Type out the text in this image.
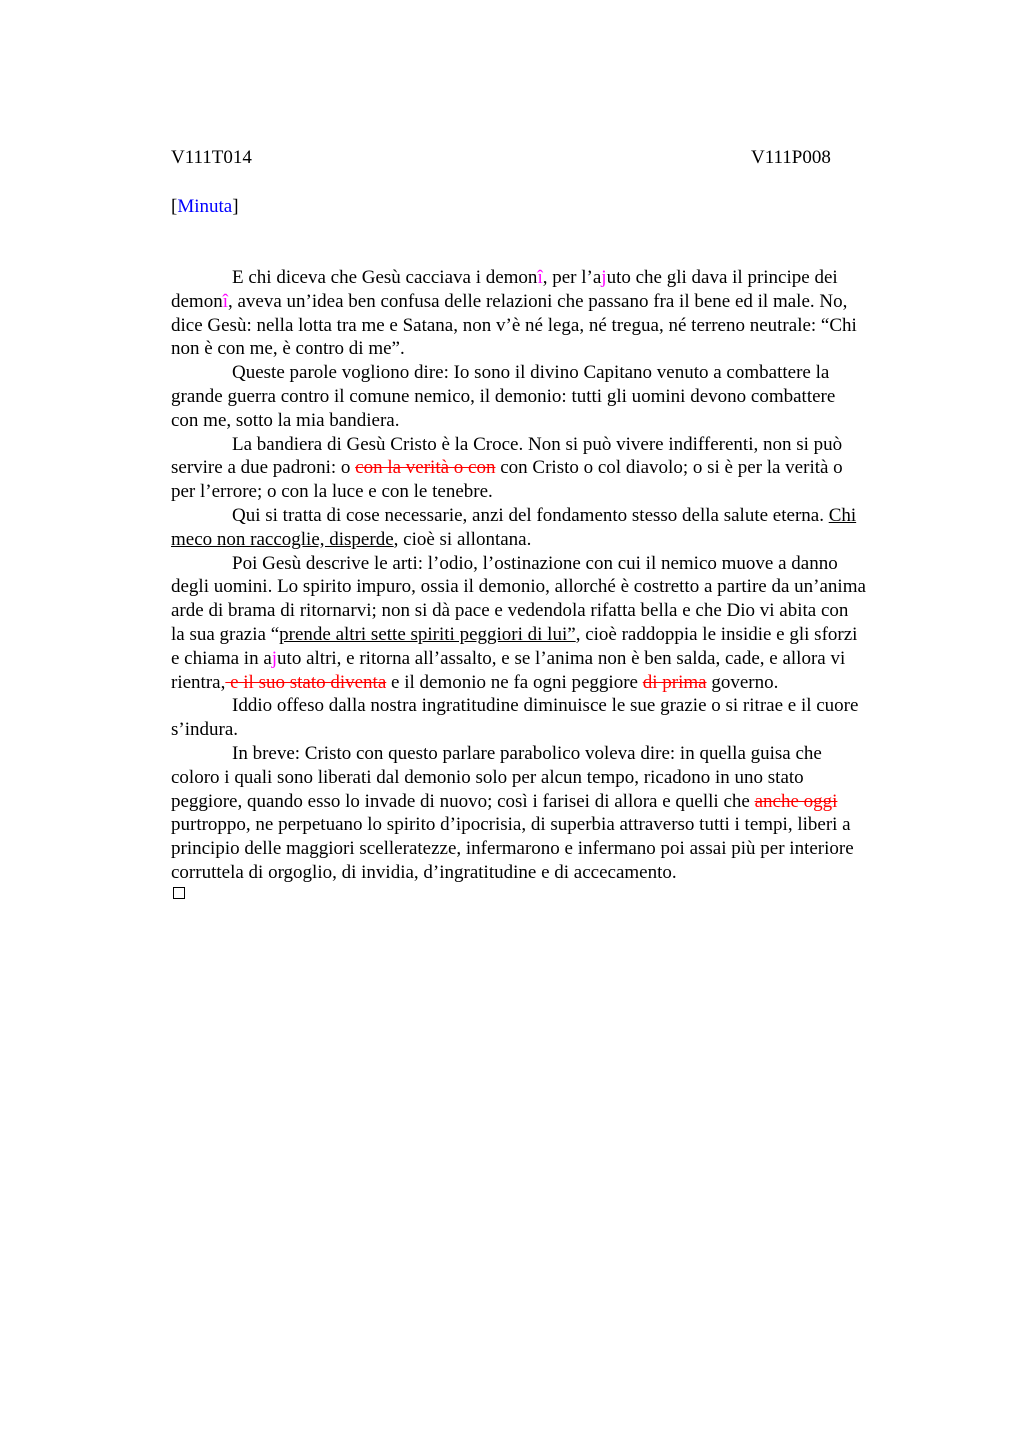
V111T014	V111P008
[Minuta]
E chi diceva che Gesù cacciava i demonî, per l’ajuto che gli dava il principe dei
demonî, aveva un’idea ben confusa delle relazioni che passano fra il bene ed il male. No,
dice Gesù: nella lotta tra me e Satana, non v’è né lega, né tregua, né terreno neutrale: “Chi
non è con me, è contro di me”.
Queste parole vogliono dire: Io sono il divino Capitano venuto a combattere la
grande guerra contro il comune nemico, il demonio: tutti gli uomini devono combattere
con me, sotto la mia bandiera.
La bandiera di Gesù Cristo è la Croce. Non si può vivere indifferenti, non si può
servire a due padroni: o con la verità o con con Cristo o col diavolo; o si è per la verità o
per l’errore; o con la luce e con le tenebre.
Qui si tratta di cose necessarie, anzi del fondamento stesso della salute eterna. Chi
meco non raccoglie, disperde, cioè si allontana.
Poi Gesù descrive le arti: l’odio, l’ostinazione con cui il nemico muove a danno
degli uomini. Lo spirito impuro, ossia il demonio, allorché è costretto a partire da un’anima
arde di brama di ritornarvi; non si dà pace e vedendola rifatta bella e che Dio vi abita con
la sua grazia “prende altri sette spiriti peggiori di lui”, cioè raddoppia le insidie e gli sforzi
e chiama in ajuto altri, e ritorna all’assalto, e se l’anima non è ben salda, cade, e allora vi
rientra, e il suo stato diventa e il demonio ne fa ogni peggiore di prima governo.
Iddio offeso dalla nostra ingratitudine diminuisce le sue grazie o si ritrae e il cuore
s’indura.
In breve: Cristo con questo parlare parabolico voleva dire: in quella guisa che
coloro i quali sono liberati dal demonio solo per alcun tempo, ricadono in uno stato
peggiore, quando esso lo invade di nuovo; così i farisei di allora e quelli che anche oggi
purtroppo, ne perpetuano lo spirito d’ipocrisia, di superbia attraverso tutti i tempi, liberi a
principio delle maggiori scelleratezze, infermarono e infermano poi assai più per interiore
corruttela di orgoglio, di invidia, d’ingratitudine e di accecamento.
